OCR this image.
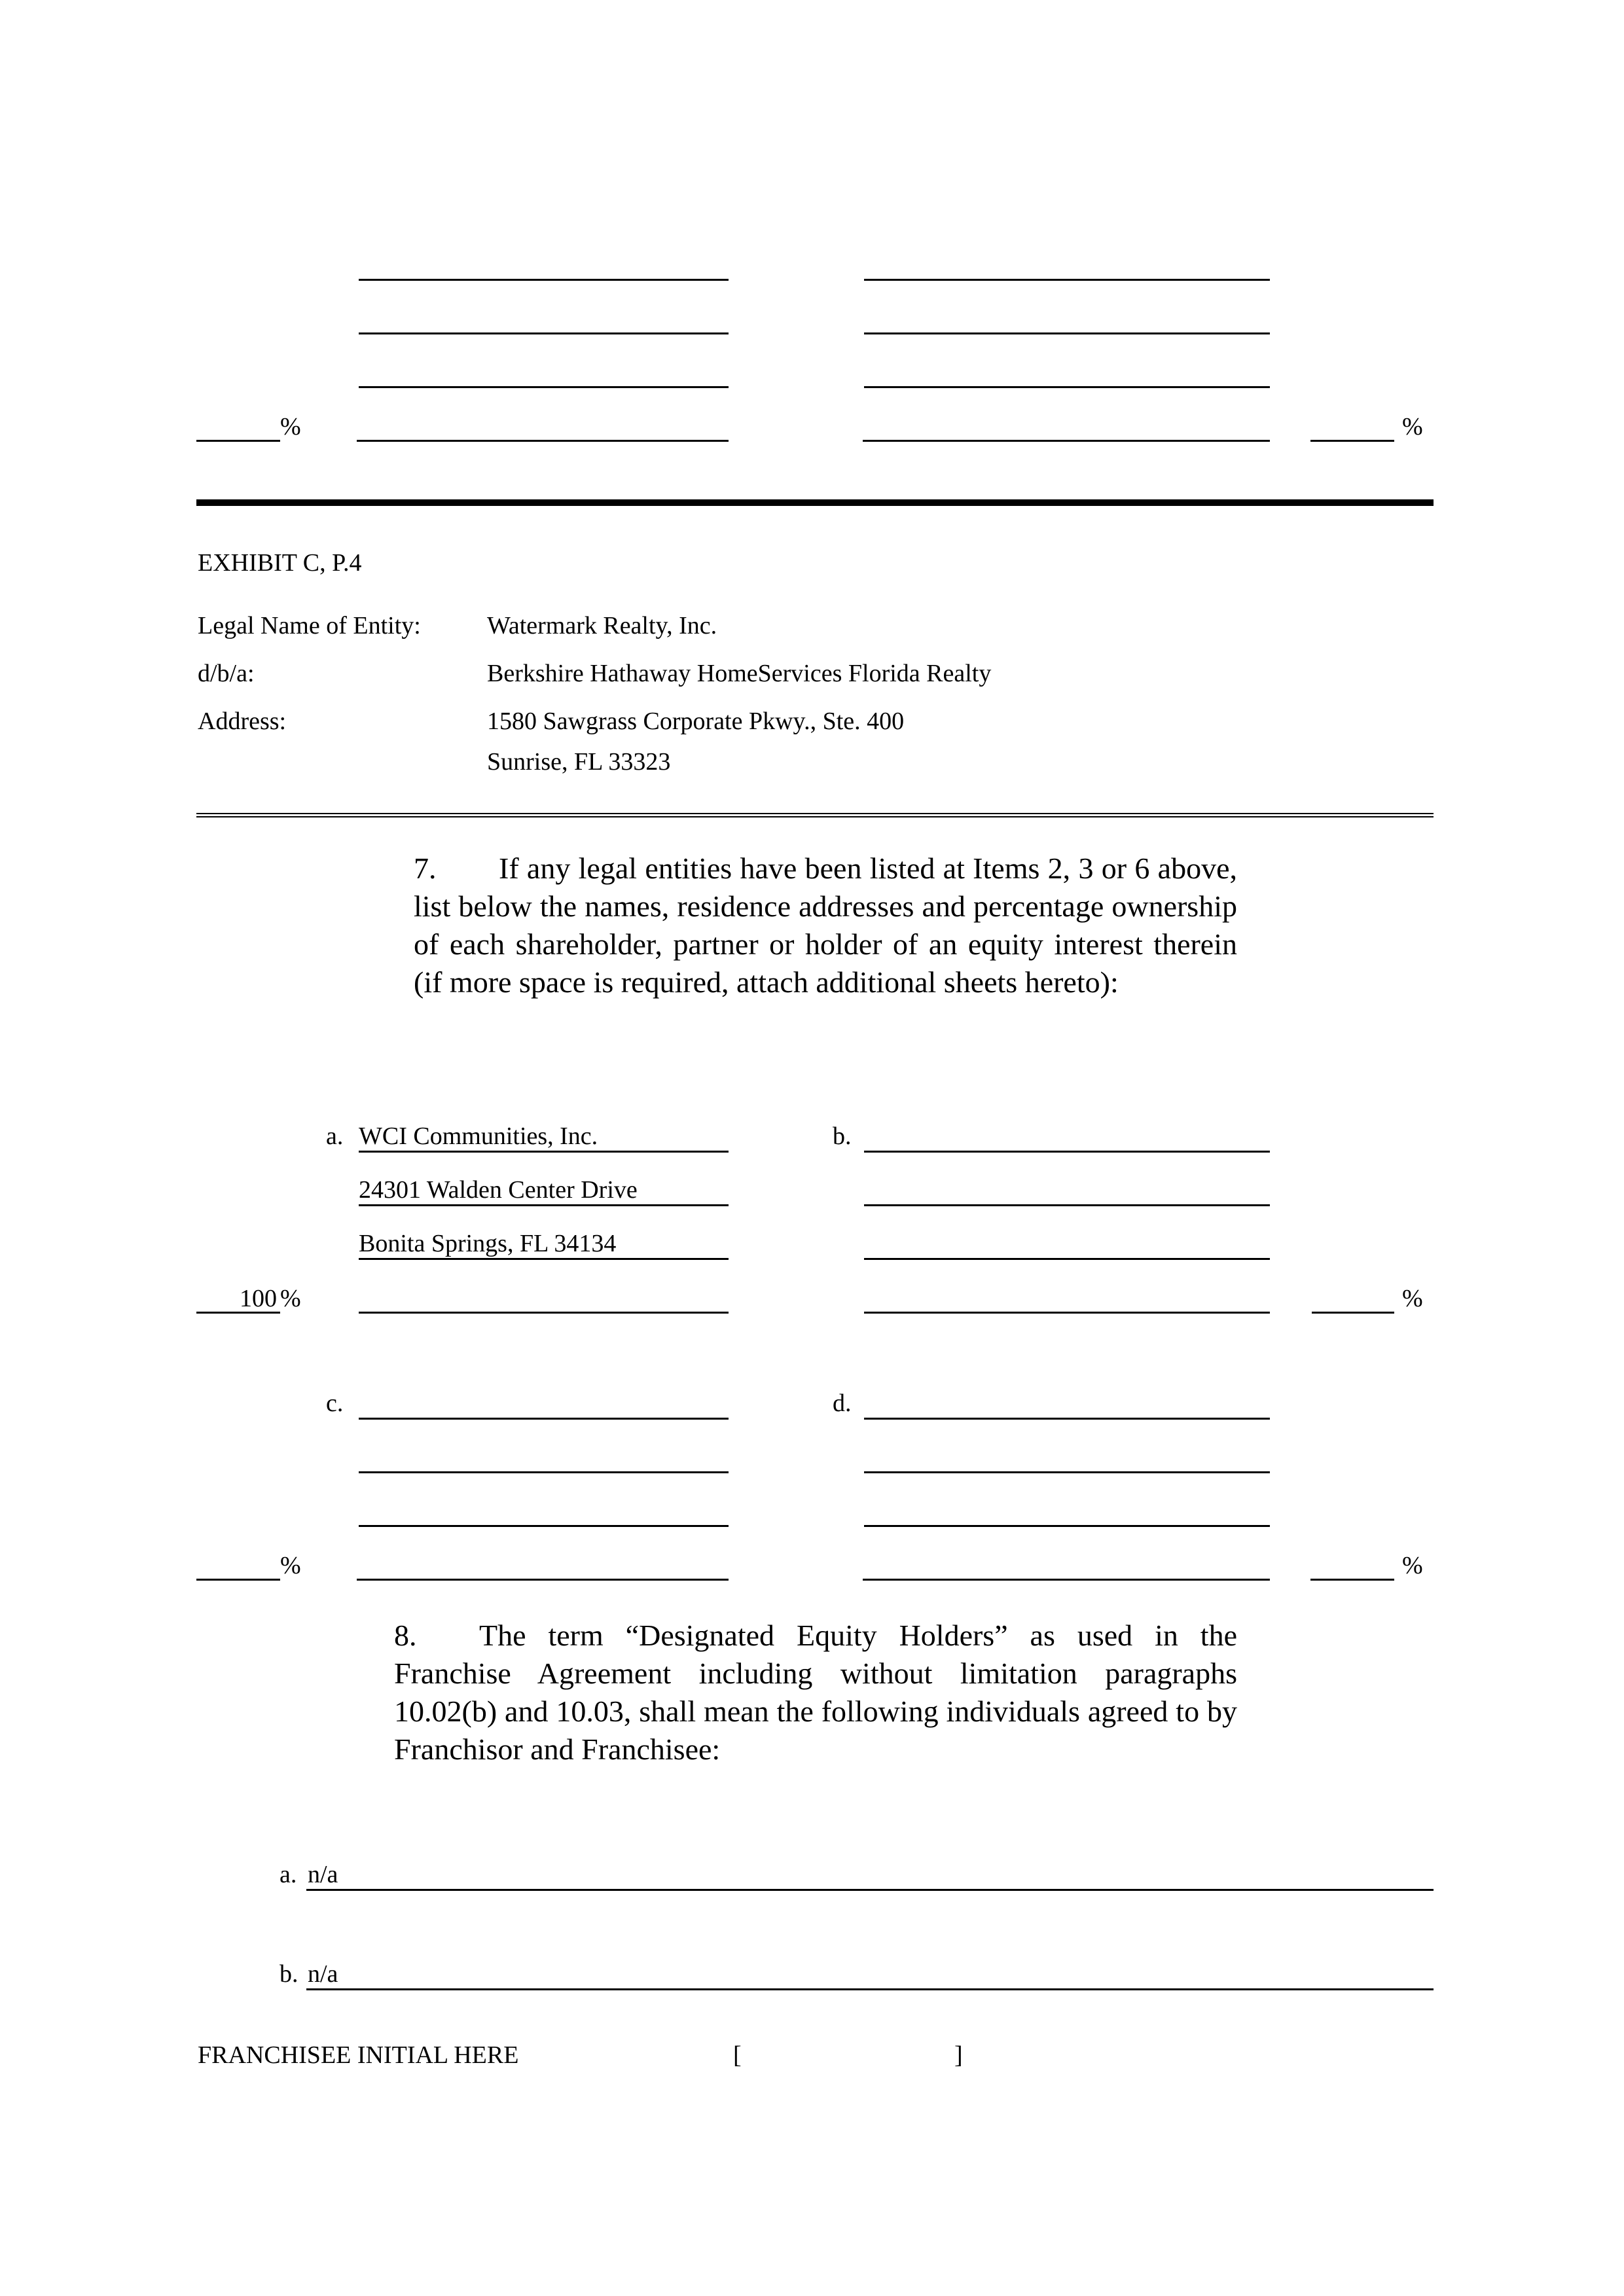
%	%
EXHIBIT C, P.4
Legal Name of Entity:	Watermark Realty, Inc.
d/b/a:	Berkshire Hathaway HomeServices Florida Realty
Address:	1580 Sawgrass Corporate Pkwy., Ste. 400
Sunrise, FL 33323
7. If any legal entities have been listed at Items 2, 3 or 6 above, list below the names, residence addresses and percentage ownership of each shareholder, partner or holder of an equity interest therein (if more space is required, attach additional sheets hereto):
a. WCI Communities, Inc.
24301 Walden Center Drive
Bonita Springs, FL 34134
100 %
b.
%
c.
%
d.
%
8. The term “Designated Equity Holders” as used in the Franchise Agreement including without limitation paragraphs 10.02(b) and 10.03, shall mean the following individuals agreed to by Franchisor and Franchisee:
a. n/a
b. n/a
FRANCHISEE INITIAL HERE	[	]
